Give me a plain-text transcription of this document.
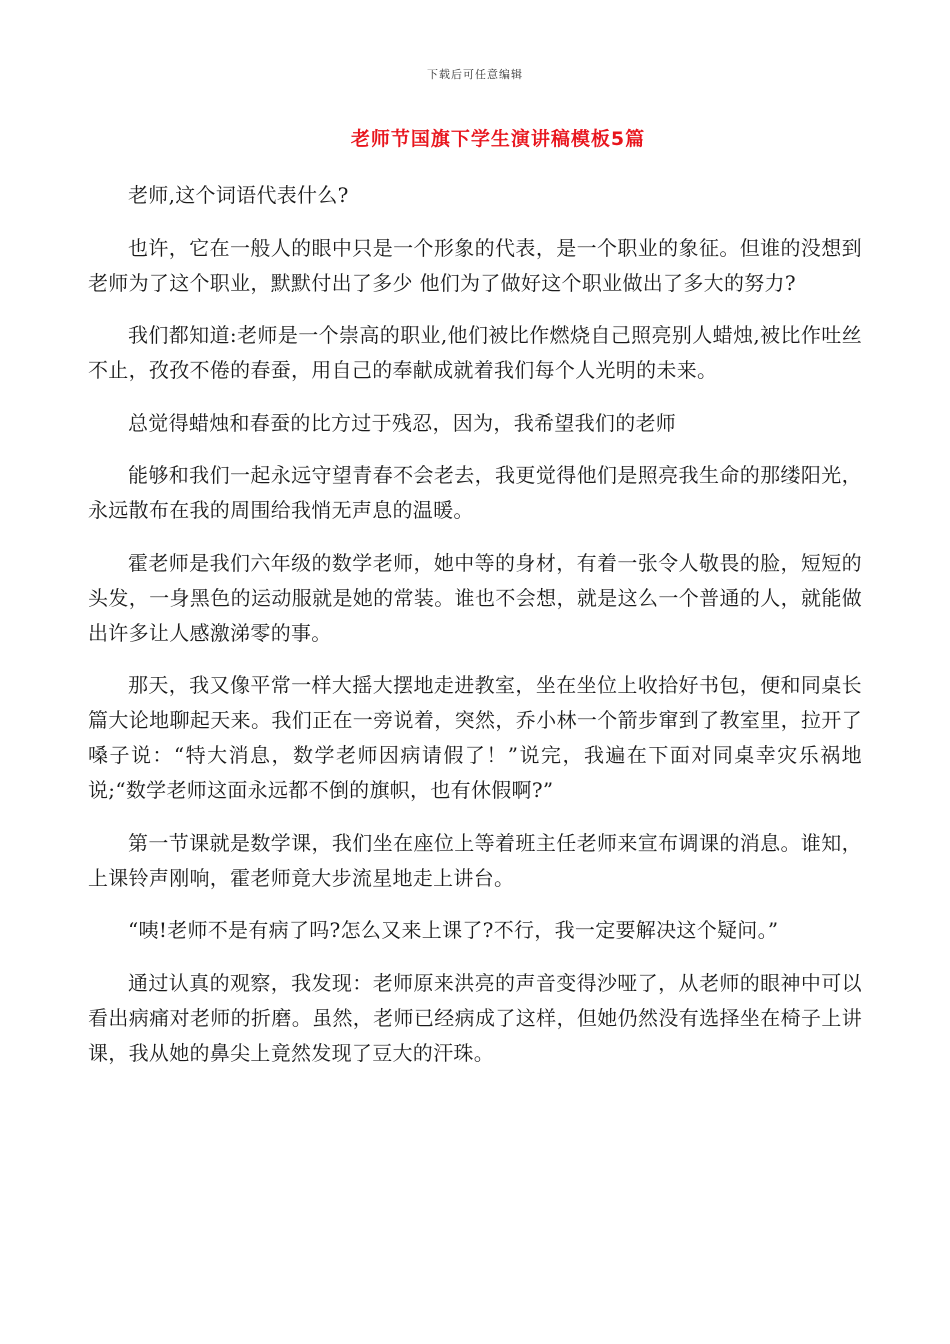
下载后可任意编辑
老师节国旗下学生演讲稿模板5篇

老师,这个词语代表什么?

也许，它在一般人的眼中只是一个形象的代表，是一个职业的象征。但谁的没想到老师为了这个职业，默默付出了多少 他们为了做好这个职业做出了多大的努力?

我们都知道:老师是一个崇高的职业,他们被比作燃烧自己照亮别人蜡烛,被比作吐丝不止，孜孜不倦的春蚕，用自己的奉献成就着我们每个人光明的未来。

总觉得蜡烛和春蚕的比方过于残忍，因为，我希望我们的老师

能够和我们一起永远守望青春不会老去，我更觉得他们是照亮我生命的那缕阳光，永远散布在我的周围给我悄无声息的温暖。

霍老师是我们六年级的数学老师，她中等的身材，有着一张令人敬畏的脸，短短的头发，一身黑色的运动服就是她的常装。谁也不会想，就是这么一个普通的人，就能做出许多让人感激涕零的事。

那天，我又像平常一样大摇大摆地走进教室，坐在坐位上收拾好书包，便和同桌长篇大论地聊起天来。我们正在一旁说着，突然，乔小林一个箭步窜到了教室里，拉开了嗓子说：“特大消息，数学老师因病请假了！”说完，我遍在下面对同桌幸灾乐祸地说;“数学老师这面永远都不倒的旗帜，也有休假啊?”

第一节课就是数学课，我们坐在座位上等着班主任老师来宣布调课的消息。谁知，上课铃声刚响，霍老师竟大步流星地走上讲台。

“咦!老师不是有病了吗?怎么又来上课了?不行，我一定要解决这个疑问。”

通过认真的观察，我发现：老师原来洪亮的声音变得沙哑了，从老师的眼神中可以看出病痛对老师的折磨。虽然，老师已经病成了这样，但她仍然没有选择坐在椅子上讲课，我从她的鼻尖上竟然发现了豆大的汗珠。
